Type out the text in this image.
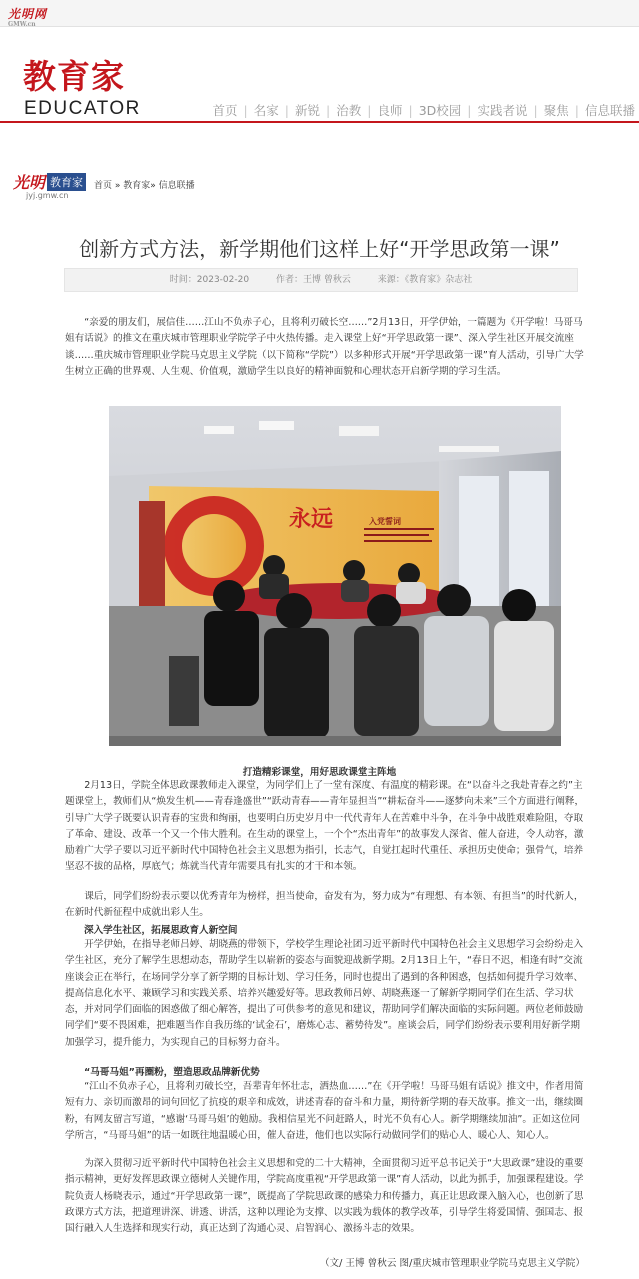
光明网
GMW.cn
教育家
EDUCATOR	首页 | 名家 | 新锐 | 治教 | 良师 | 3D校园 | 实践者说 | 聚焦 | 信息联播
光明 教育家
jyj.gmw.cn
首页 » 教育家» 信息联播
创新方式方法，新学期他们这样上好“开学思政第一课”
时间：2023-02-20	作者：王博 曾秋云	来源：《教育家》杂志社

“亲爱的朋友们，展信佳……江山不负赤子心，且将利刃破长空……”2月13日，开学伊始，一篇题为《开学啦！马哥马姐有话说》的推文在重庆城市管理职业学院学子中火热传播。走入课堂上好“开学思政第一课”、深入学生社区开展交流座谈……重庆城市管理职业学院马克思主义学院（以下简称“学院”）以多种形式开展“开学思政第一课”育人活动，引导广大学生树立正确的世界观、人生观、价值观，激励学生以良好的精神面貌和心理状态开启新学期的学习生活。

永远	入党誓词
打造精彩课堂，用好思政课堂主阵地

2月13日，学院全体思政课教师走入课堂，为同学们上了一堂有深度、有温度的精彩课。在“以奋斗之我赴青春之约”主题课堂上，教师们从“焕发生机——青春逢盛世”“跃动青春——青年显担当”“耕耘奋斗——逐梦向未来”三个方面进行阐释，引导广大学子既要认识青春的宝贵和绚丽，也要明白历史岁月中一代代青年人在苦难中斗争，在斗争中战胜艰难险阻，夺取了革命、建设、改革一个又一个伟大胜利。在生动的课堂上，一个个“杰出青年”的故事发人深省、催人奋进，令人动容，激励着广大学子要以习近平新时代中国特色社会主义思想为指引，长志气，自觉扛起时代重任、承担历史使命；强骨气，培养坚忍不拔的品格，厚底气；炼就当代青年需要具有扎实的才干和本领。

课后，同学们纷纷表示要以优秀青年为榜样，担当使命，奋发有为，努力成为“有理想、有本领、有担当”的时代新人，在新时代新征程中成就出彩人生。

深入学生社区，拓展思政育人新空间

开学伊始，在指导老师吕婷、胡晓燕的带领下，学校学生理论社团习近平新时代中国特色社会主义思想学习会纷纷走入学生社区，充分了解学生思想动态，帮助学生以崭新的姿态与面貌迎战新学期。2月13日上午，“春日不迟，相逢有时”交流座谈会正在举行，在场同学分享了新学期的目标计划、学习任务，同时也提出了遇到的各种困惑，包括如何提升学习效率、提高信息化水平、兼顾学习和实践关系、培养兴趣爱好等。思政教师吕婷、胡晓燕逐一了解新学期同学们在生活、学习状态，并对同学们面临的困惑做了细心解答，提出了可供参考的意见和建议，帮助同学们解决面临的实际问题。两位老师鼓励同学们“要不畏困难，把难题当作自我历练的‘试金石’，磨炼心志、蓄势待发”。座谈会后，同学们纷纷表示要利用好新学期加强学习，提升能力，为实现自己的目标努力奋斗。

“马哥马姐”再圈粉，塑造思政品牌新优势

“江山不负赤子心，且将利刃破长空，吾辈青年怀壮志，洒热血……”在《开学啦！马哥马姐有话说》推文中，作者用简短有力、亲切而激昂的词句回忆了抗疫的艰辛和成效，讲述青春的奋斗和力量，期待新学期的春天故事。推文一出，继续圈粉，有网友留言写道，“感谢‘马哥马姐’的勉励。我相信星光不问赶路人，时光不负有心人。新学期继续加油”。正如这位同学所言，“马哥马姐”的话一如既往地温暖心田，催人奋进，他们也以实际行动做同学们的贴心人、暖心人、知心人。

为深入贯彻习近平新时代中国特色社会主义思想和党的二十大精神，全面贯彻习近平总书记关于“大思政课”建设的重要指示精神，更好发挥思政课立德树人关键作用，学院高度重视“开学思政第一课”育人活动，以此为抓手，加强课程建设。学院负责人杨晓表示，通过“开学思政第一课”，既提高了学院思政课的感染力和传播力，真正让思政课入脑入心，也创新了思政课方式方法，把道理讲深、讲透、讲活，这种以理论为支撑、以实践为载体的教学改革，引导学生将爱国情、强国志、报国行融入人生选择和现实行动，真正达到了沟通心灵、启智润心、激扬斗志的效果。

（文/ 王博 曾秋云 图/重庆城市管理职业学院马克思主义学院）
